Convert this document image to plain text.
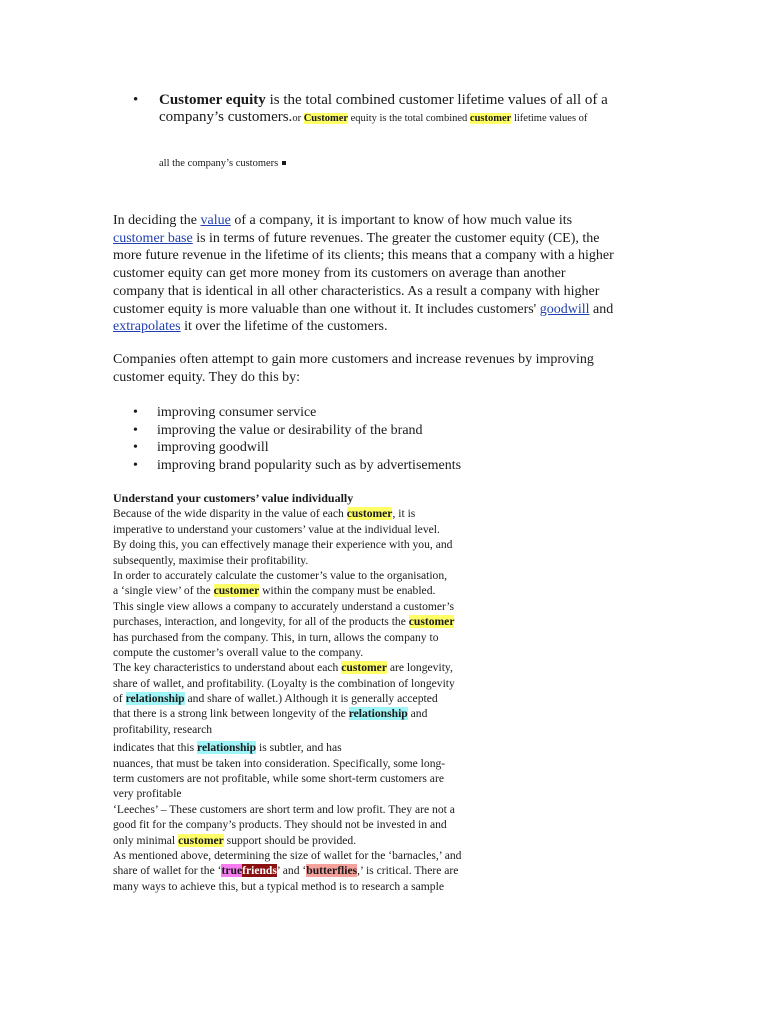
• Customer equity is the total combined customer lifetime values of all of a
company’s customers.or Customer equity is the total combined customer lifetime values of
all the company’s customers
In deciding the value of a company, it is important to know of how much value its
customer base is in terms of future revenues. The greater the customer equity (CE), the
more future revenue in the lifetime of its clients; this means that a company with a higher
customer equity can get more money from its customers on average than another
company that is identical in all other characteristics. As a result a company with higher
customer equity is more valuable than one without it. It includes customers' goodwill and
extrapolates it over the lifetime of the customers.
Companies often attempt to gain more customers and increase revenues by improving
customer equity. They do this by:
• improving consumer service
• improving the value or desirability of the brand
• improving goodwill
• improving brand popularity such as by advertisements
Understand your customers’ value individually
Because of the wide disparity in the value of each customer, it is
imperative to understand your customers’ value at the individual level.
By doing this, you can effectively manage their experience with you, and
subsequently, maximise their profitability.
In order to accurately calculate the customer’s value to the organisation,
a ‘single view’ of the customer within the company must be enabled.
This single view allows a company to accurately understand a customer’s
purchases, interaction, and longevity, for all of the products the customer
has purchased from the company. This, in turn, allows the company to
compute the customer’s overall value to the company.
The key characteristics to understand about each customer are longevity,
share of wallet, and profitability. (Loyalty is the combination of longevity
of relationship and share of wallet.) Although it is generally accepted
that there is a strong link between longevity of the relationship and
profitability, research
indicates that this relationship is subtler, and has
nuances, that must be taken into consideration. Specifically, some long-
term customers are not profitable, while some short-term customers are
very profitable
‘Leeches’ – These customers are short term and low profit. They are not a
good fit for the company’s products. They should not be invested in and
only minimal customer support should be provided.
As mentioned above, determining the size of wallet for the ‘barnacles,’ and
share of wallet for the ‘truefriends’ and ‘butterflies,’ is critical. There are
many ways to achieve this, but a typical method is to research a sample
